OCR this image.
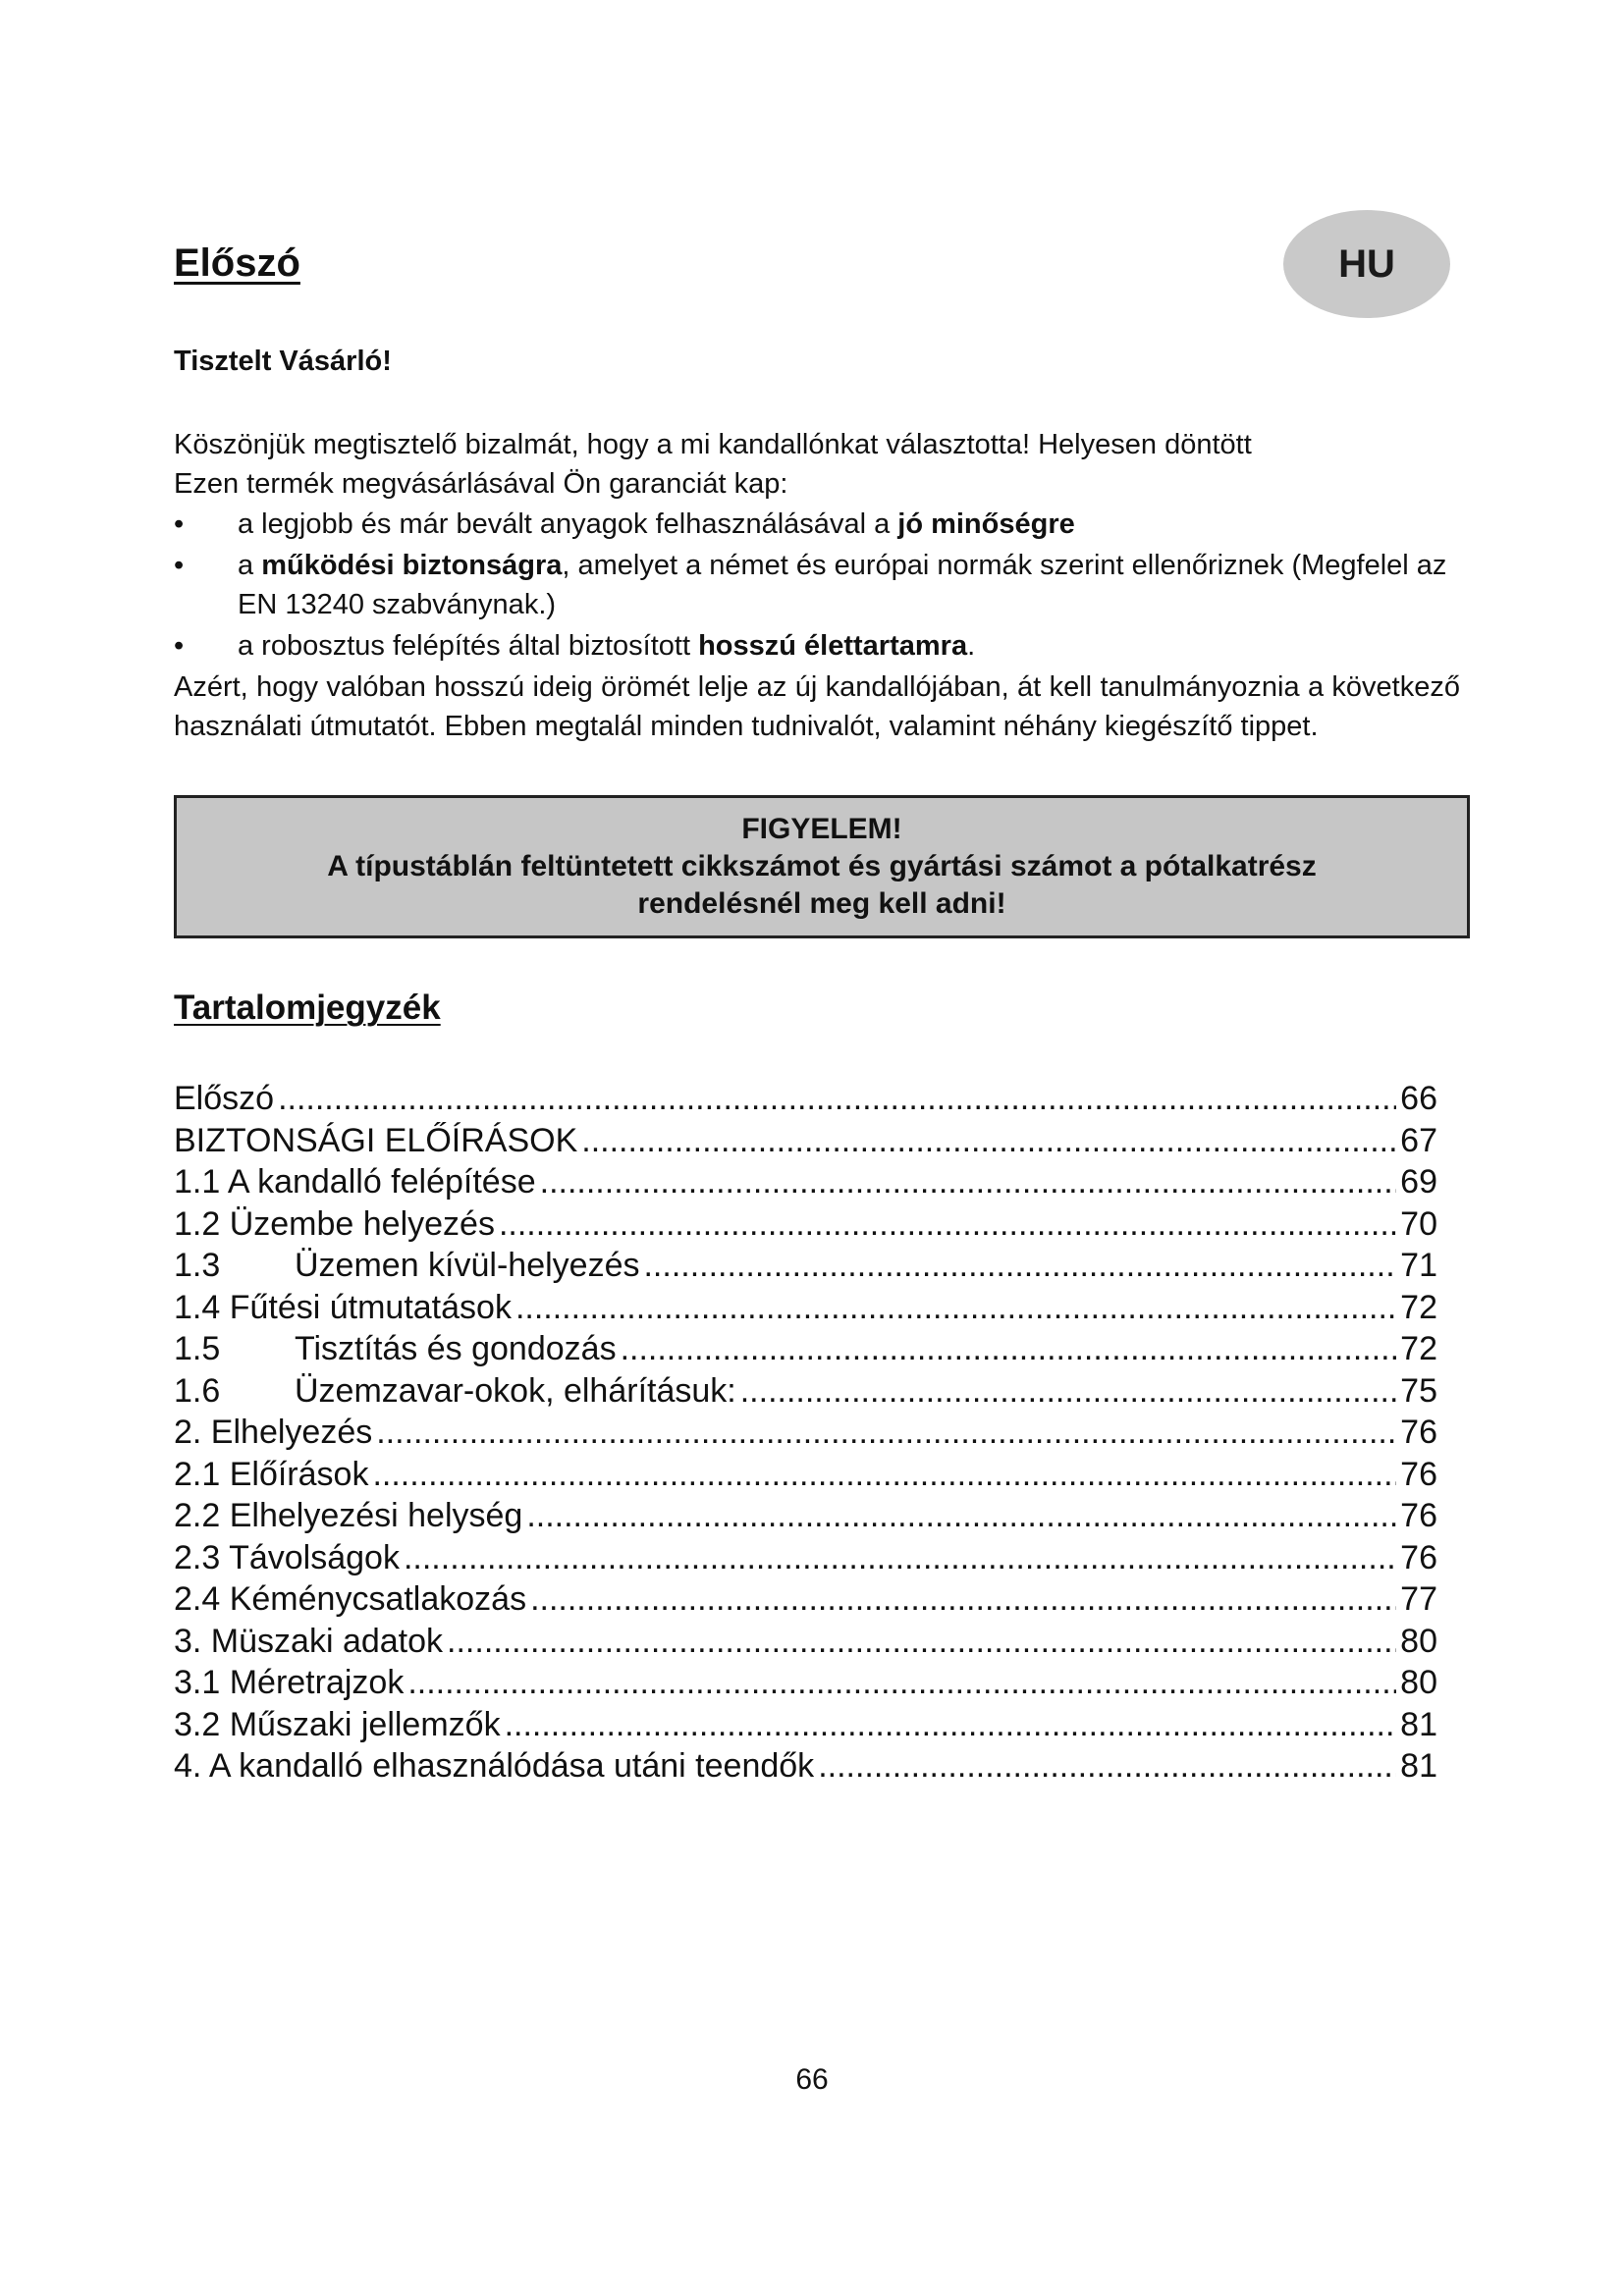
Előszó	HU
Tisztelt Vásárló!
Köszönjük megtisztelő bizalmát, hogy a mi kandallónkat választotta! Helyesen döntött
Ezen termék megvásárlásával Ön garanciát kap:
• a legjobb és már bevált anyagok felhasználásával a jó minőségre
• a működési biztonságra, amelyet a német és európai normák szerint ellenőriznek (Megfelel az EN 13240 szabványnak.)
• a robosztus felépítés által biztosított hosszú élettartamra.
Azért, hogy valóban hosszú ideig örömét lelje az új kandallójában, át kell tanulmányoznia a következő használati útmutatót. Ebben megtalál minden tudnivalót, valamint néhány kiegészítő tippet.
FIGYELEM!
A típustáblán feltüntetett cikkszámot és gyártási számot a pótalkatrész
rendelésnél meg kell adni!
Tartalomjegyzék
Előszó .....	66
BIZTONSÁGI ELŐÍRÁSOK .....	67
1.1 A kandalló felépítése .....	69
1.2 Üzembe helyezés .....	70
1.3	Üzemen kívül-helyezés .....	71
1.4 Fűtési útmutatások .....	72
1.5	Tisztítás és gondozás .....	72
1.6	Üzemzavar-okok, elhárításuk: .....	75
2. Elhelyezés .....	76
2.1 Előírások .....	76
2.2 Elhelyezési helység .....	76
2.3 Távolságok .....	76
2.4 Kéménycsatlakozás .....	77
3. Müszaki adatok .....	80
3.1 Méretrajzok .....	80
3.2 Műszaki jellemzők .....	81
4. A kandalló elhasználódása utáni teendők .....	81
66
